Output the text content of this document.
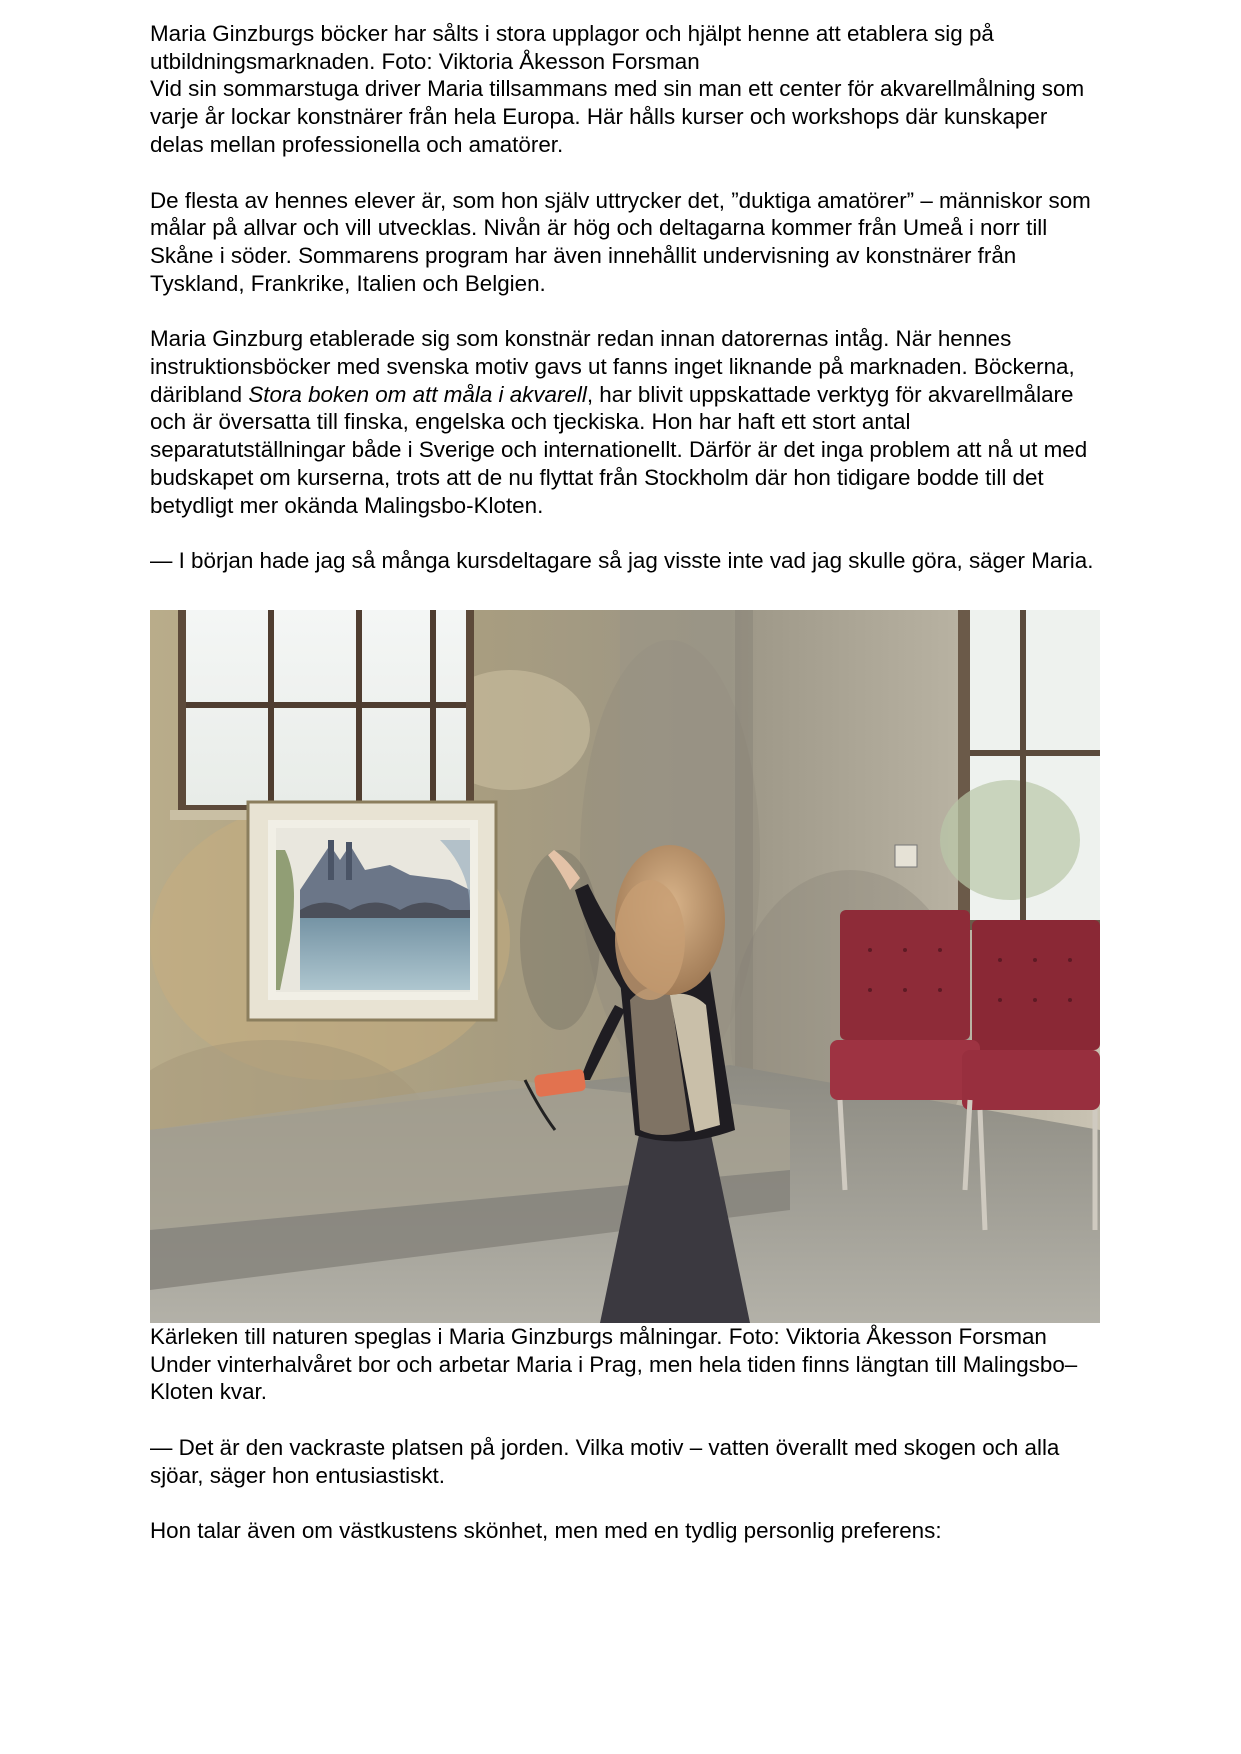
Maria Ginzburgs böcker har sålts i stora upplagor och hjälpt henne att etablera sig på utbildningsmarknaden. Foto: Viktoria Åkesson Forsman

Vid sin sommarstuga driver Maria tillsammans med sin man ett center för akvarellmålning som varje år lockar konstnärer från hela Europa. Här hålls kurser och workshops där kunskaper delas mellan professionella och amatörer.

De flesta av hennes elever är, som hon själv uttrycker det, ”duktiga amatörer” – människor som målar på allvar och vill utvecklas. Nivån är hög och deltagarna kommer från Umeå i norr till Skåne i söder. Sommarens program har även innehållit undervisning av konstnärer från Tyskland, Frankrike, Italien och Belgien.

Maria Ginzburg etablerade sig som konstnär redan innan datorernas intåg. När hennes instruktionsböcker med svenska motiv gavs ut fanns inget liknande på marknaden. Böckerna, däribland Stora boken om att måla i akvarell, har blivit uppskattade verktyg för akvarellmålare och är översatta till finska, engelska och tjeckiska. Hon har haft ett stort antal separatutställningar både i Sverige och internationellt. Därför är det inga problem att nå ut med budskapet om kurserna, trots att de nu flyttat från Stockholm där hon tidigare bodde till det betydligt mer okända Malingsbo-Kloten.

— I början hade jag så många kursdeltagare så jag visste inte vad jag skulle göra, säger Maria.

Kärleken till naturen speglas i Maria Ginzburgs målningar. Foto: Viktoria Åkesson Forsman

Under vinterhalvåret bor och arbetar Maria i Prag, men hela tiden finns längtan till Malingsbo–Kloten kvar.

— Det är den vackraste platsen på jorden. Vilka motiv – vatten överallt med skogen och alla sjöar, säger hon entusiastiskt.

Hon talar även om västkustens skönhet, men med en tydlig personlig preferens:
